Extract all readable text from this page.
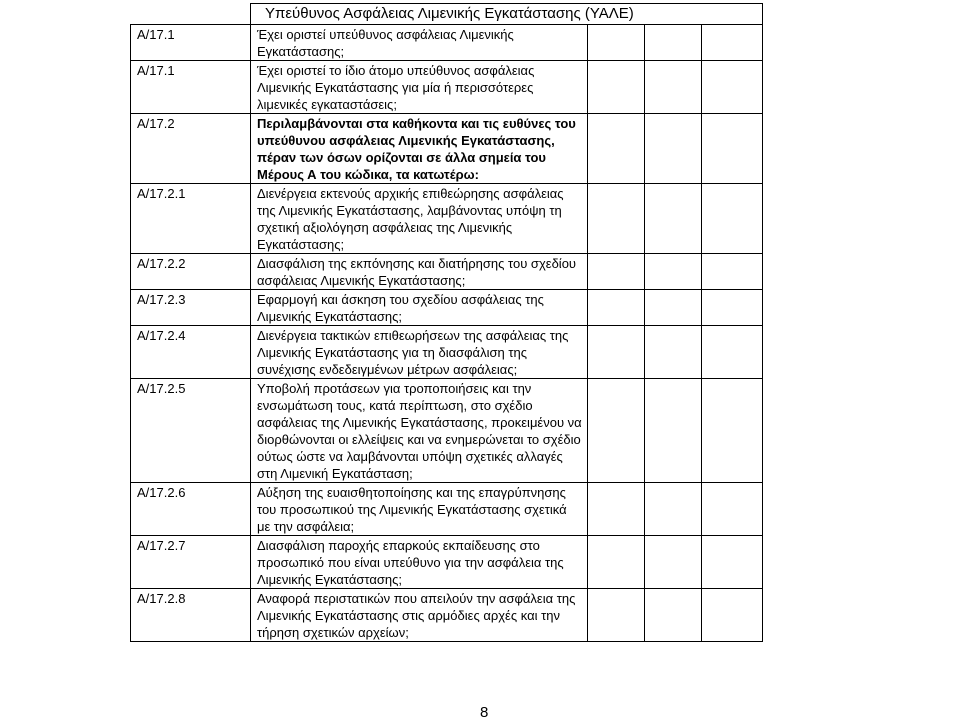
	Υπεύθυνος Ασφάλειας Λιμενικής Εγκατάστασης (ΥΑΛΕ)			
Α/17.1	Έχει οριστεί υπεύθυνος ασφάλειας Λιμενικής Εγκατάστασης;			
Α/17.1	Έχει οριστεί το ίδιο άτομο υπεύθυνος ασφάλειας Λιμενικής Εγκατάστασης για μία ή περισσότερες λιμενικές εγκαταστάσεις;			
Α/17.2	Περιλαμβάνονται στα καθήκοντα και τις ευθύνες του υπεύθυνου ασφάλειας Λιμενικής Εγκατάστασης, πέραν των όσων ορίζονται σε άλλα σημεία του Μέρους Α του κώδικα, τα κατωτέρω:			
Α/17.2.1	Διενέργεια εκτενούς αρχικής επιθεώρησης ασφάλειας της Λιμενικής Εγκατάστασης, λαμβάνοντας υπόψη τη σχετική αξιολόγηση ασφάλειας της Λιμενικής Εγκατάστασης;			
Α/17.2.2	Διασφάλιση της εκπόνησης και διατήρησης του σχεδίου ασφάλειας Λιμενικής Εγκατάστασης;			
Α/17.2.3	Εφαρμογή και άσκηση του σχεδίου ασφάλειας της Λιμενικής Εγκατάστασης;			
Α/17.2.4	Διενέργεια τακτικών επιθεωρήσεων της ασφάλειας της Λιμενικής Εγκατάστασης για τη διασφάλιση της συνέχισης ενδεδειγμένων μέτρων ασφάλειας;			
Α/17.2.5	Υποβολή προτάσεων για τροποποιήσεις και την ενσωμάτωση τους, κατά περίπτωση, στο σχέδιο ασφάλειας της Λιμενικής Εγκατάστασης, προκειμένου να διορθώνονται οι ελλείψεις και να ενημερώνεται το σχέδιο ούτως ώστε να λαμβάνονται υπόψη σχετικές αλλαγές στη Λιμενική Εγκατάσταση;			
Α/17.2.6	Αύξηση της ευαισθητοποίησης και της επαγρύπνησης του προσωπικού της Λιμενικής Εγκατάστασης σχετικά με την ασφάλεια;			
Α/17.2.7	Διασφάλιση παροχής επαρκούς εκπαίδευσης στο προσωπικό που είναι υπεύθυνο για την ασφάλεια της Λιμενικής Εγκατάστασης;			
Α/17.2.8	Αναφορά περιστατικών που απειλούν την ασφάλεια της Λιμενικής Εγκατάστασης στις αρμόδιες αρχές και την τήρηση σχετικών αρχείων;			
8
